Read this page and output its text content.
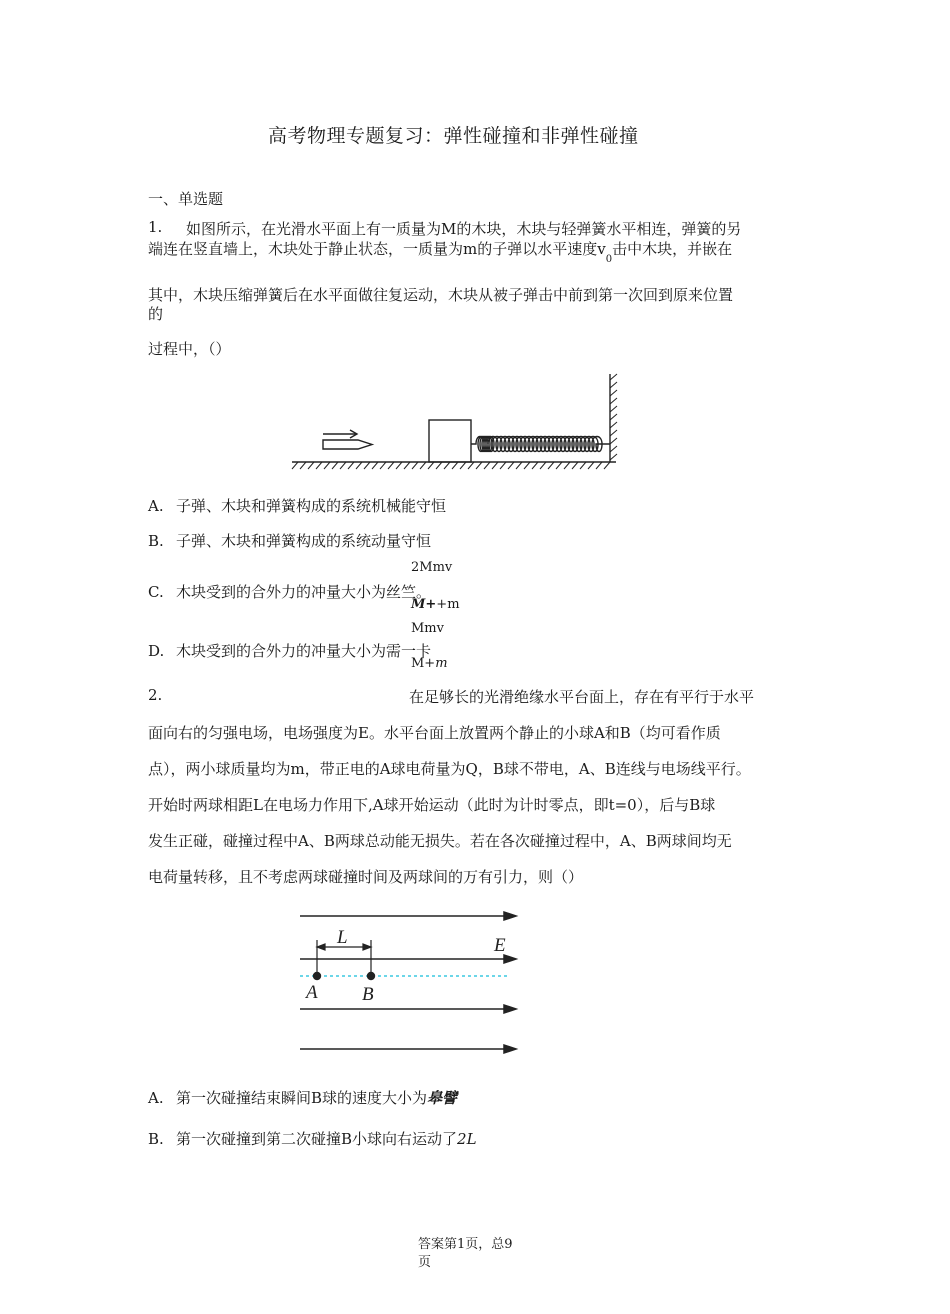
高考物理专题复习：弹性碰撞和非弹性碰撞
一、单选题
1. 如图所示，在光滑水平面上有一质量为M的木块，木块与轻弹簧水平相连，弹簧的另
端连在竖直墙上，木块处于静止状态，一质量为m的子弹以水平速度$v_0$击中木块，并嵌在
其中，木块压缩弹簧后在水平面做往复运动，木块从被子弹击中前到第一次回到原来位置
的
过程中，（）
A. 子弹、木块和弹簧构成的系统机械能守恒
B. 子弹、木块和弹簧构成的系统动量守恒
C. 木块受到的合外力的冲量大小为丝竺。
2Mmv
M++m
D. 木块受到的合外力的冲量大小为需一卡
Mmv
M+m
2.	在足够长的光滑绝缘水平台面上，存在有平行于水平
面向右的匀强电场，电场强度为E。水平台面上放置两个静止的小球A和B（均可看作质
点），两小球质量均为m，带正电的A球电荷量为Q，B球不带电，A、B连线与电场线平行。
开始时两球相距L在电场力作用下,A球开始运动（此时为计时零点，即t=0），后与B球
发生正碰，碰撞过程中A、B两球总动能无损失。若在各次碰撞过程中，A、B两球间均无
电荷量转移，且不考虑两球碰撞时间及两球间的万有引力，则（）
L	E
A B
A. 第一次碰撞结束瞬间B球的速度大小为皋譬
B. 第一次碰撞到第二次碰撞B小球向右运动了2L
答案第1页，总9
页
